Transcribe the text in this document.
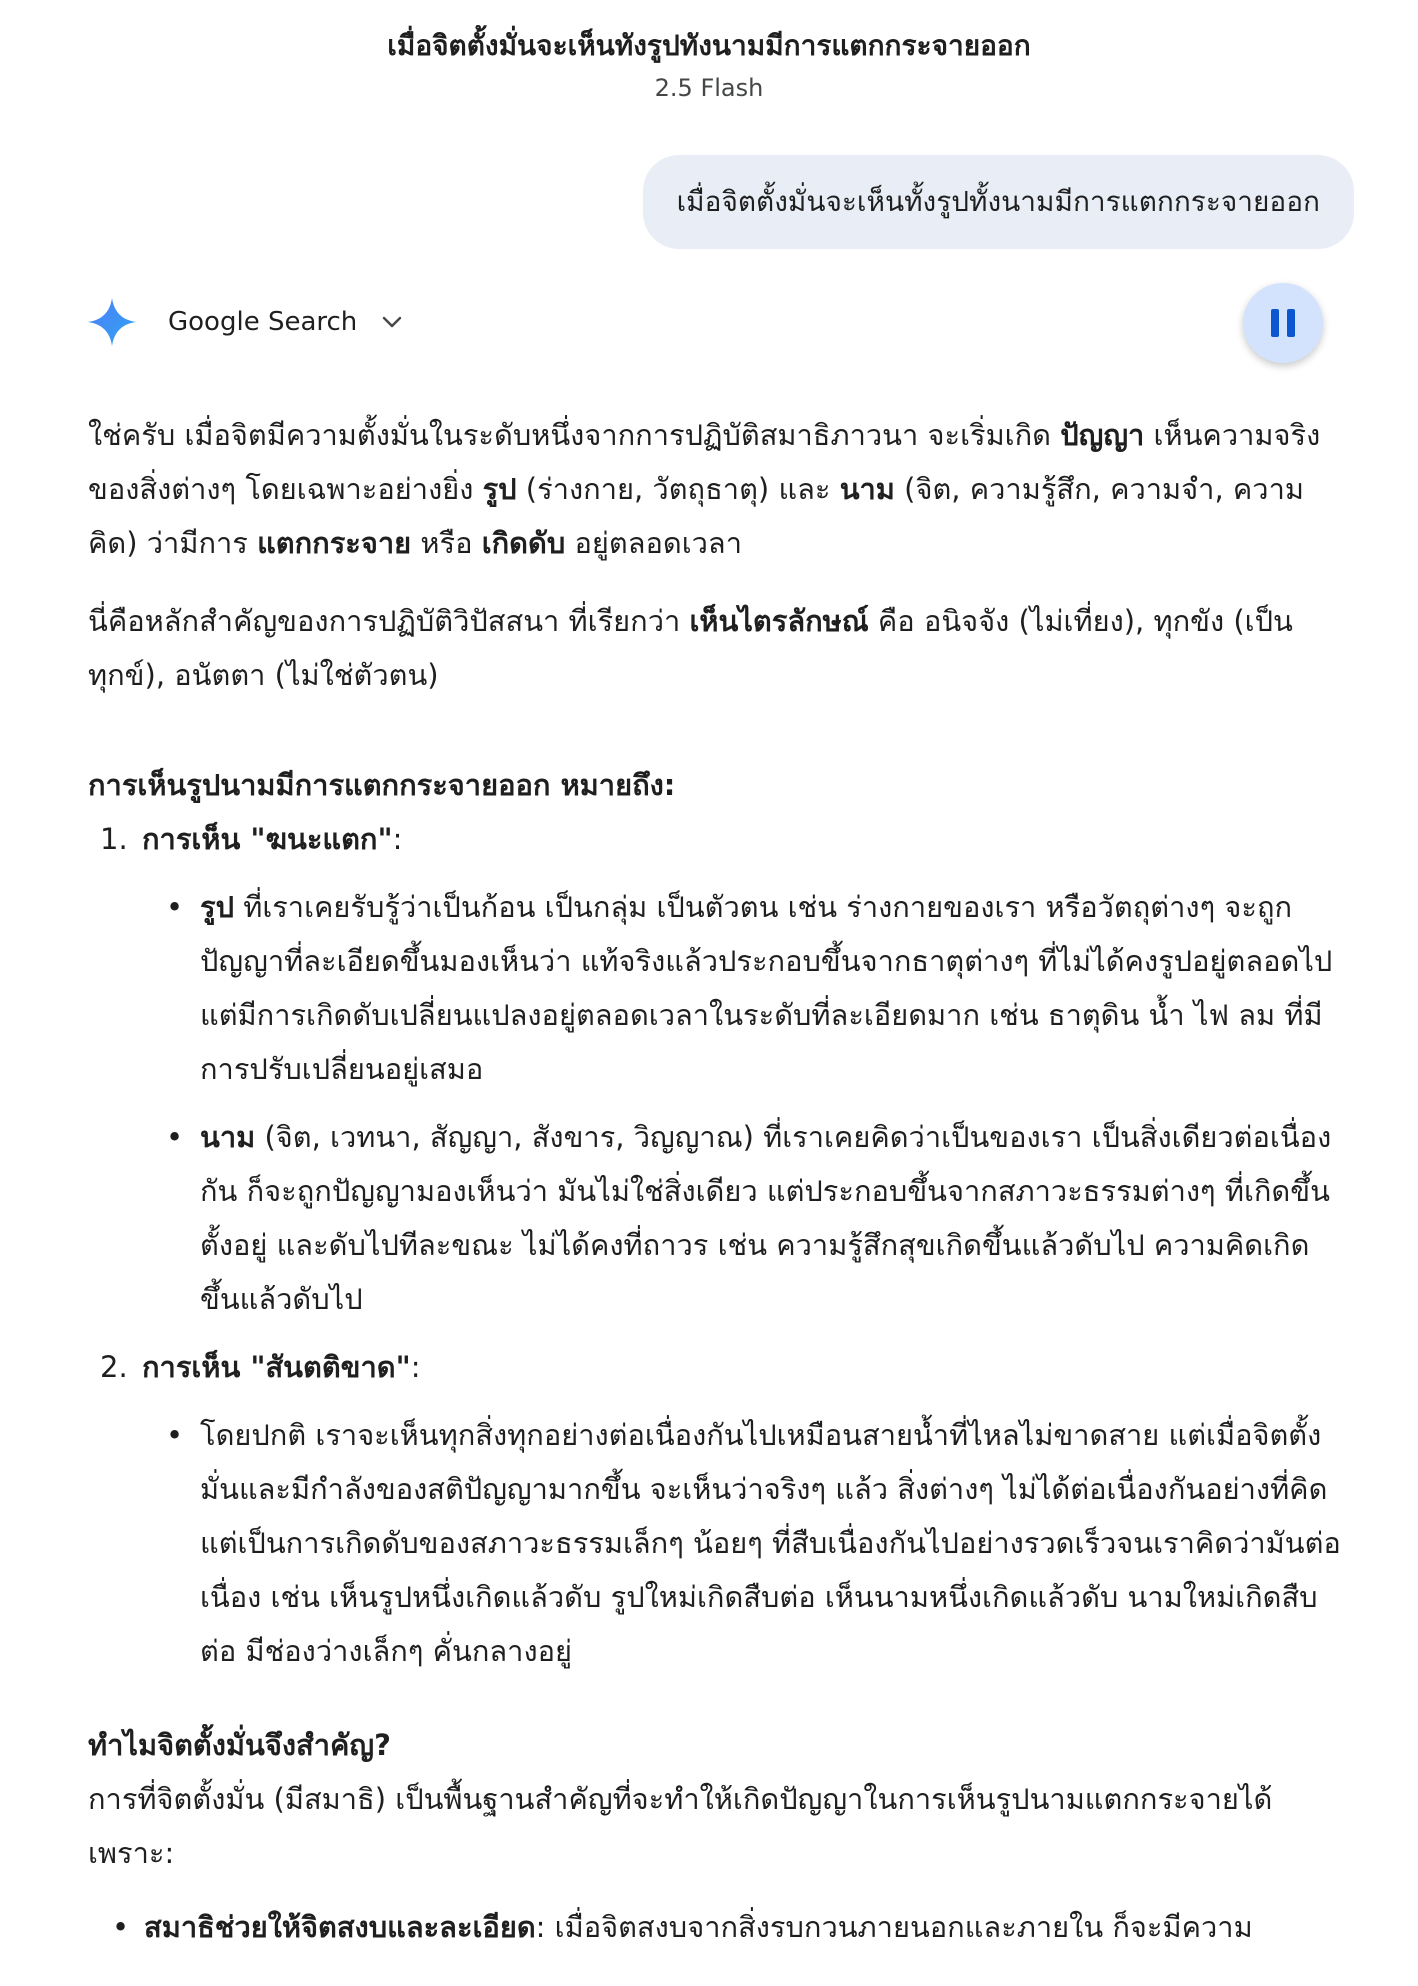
เมื่อจิตตั้งมั่นจะเห็นทังรูปทังนามมีการแตกกระจายออก
2.5 Flash
เมื่อจิตตั้งมั่นจะเห็นทั้งรูปทั้งนามมีการแตกกระจายออก
Google Search

ใช่ครับ เมื่อจิตมีความตั้งมั่นในระดับหนึ่งจากการปฏิบัติสมาธิภาวนา จะเริ่มเกิด ปัญญา เห็นความจริงของสิ่งต่างๆ โดยเฉพาะอย่างยิ่ง รูป (ร่างกาย, วัตถุธาตุ) และ นาม (จิต, ความรู้สึก, ความจำ, ความคิด) ว่ามีการ แตกกระจาย หรือ เกิดดับ อยู่ตลอดเวลา

นี่คือหลักสำคัญของการปฏิบัติวิปัสสนา ที่เรียกว่า เห็นไตรลักษณ์ คือ อนิจจัง (ไม่เที่ยง), ทุกขัง (เป็นทุกข์), อนัตตา (ไม่ใช่ตัวตน)

การเห็นรูปนามมีการแตกกระจายออก หมายถึง:

1. การเห็น "ฆนะแตก":
• รูป ที่เราเคยรับรู้ว่าเป็นก้อน เป็นกลุ่ม เป็นตัวตน เช่น ร่างกายของเรา หรือวัตถุต่างๆ จะถูกปัญญาที่ละเอียดขึ้นมองเห็นว่า แท้จริงแล้วประกอบขึ้นจากธาตุต่างๆ ที่ไม่ได้คงรูปอยู่ตลอดไป แต่มีการเกิดดับเปลี่ยนแปลงอยู่ตลอดเวลาในระดับที่ละเอียดมาก เช่น ธาตุดิน น้ำ ไฟ ลม ที่มีการปรับเปลี่ยนอยู่เสมอ
• นาม (จิต, เวทนา, สัญญา, สังขาร, วิญญาณ) ที่เราเคยคิดว่าเป็นของเรา เป็นสิ่งเดียวต่อเนื่องกัน ก็จะถูกปัญญามองเห็นว่า มันไม่ใช่สิ่งเดียว แต่ประกอบขึ้นจากสภาวะธรรมต่างๆ ที่เกิดขึ้น ตั้งอยู่ และดับไปทีละขณะ ไม่ได้คงที่ถาวร เช่น ความรู้สึกสุขเกิดขึ้นแล้วดับไป ความคิดเกิดขึ้นแล้วดับไป
2. การเห็น "สันตติขาด":
• โดยปกติ เราจะเห็นทุกสิ่งทุกอย่างต่อเนื่องกันไปเหมือนสายน้ำที่ไหลไม่ขาดสาย แต่เมื่อจิตตั้งมั่นและมีกำลังของสติปัญญามากขึ้น จะเห็นว่าจริงๆ แล้ว สิ่งต่างๆ ไม่ได้ต่อเนื่องกันอย่างที่คิด แต่เป็นการเกิดดับของสภาวะธรรมเล็กๆ น้อยๆ ที่สืบเนื่องกันไปอย่างรวดเร็วจนเราคิดว่ามันต่อเนื่อง เช่น เห็นรูปหนึ่งเกิดแล้วดับ รูปใหม่เกิดสืบต่อ เห็นนามหนึ่งเกิดแล้วดับ นามใหม่เกิดสืบต่อ มีช่องว่างเล็กๆ คั่นกลางอยู่

ทำไมจิตตั้งมั่นจึงสำคัญ?

การที่จิตตั้งมั่น (มีสมาธิ) เป็นพื้นฐานสำคัญที่จะทำให้เกิดปัญญาในการเห็นรูปนามแตกกระจายได้ เพราะ:

• สมาธิช่วยให้จิตสงบและละเอียด: เมื่อจิตสงบจากสิ่งรบกวนภายนอกและภายใน ก็จะมีความ
